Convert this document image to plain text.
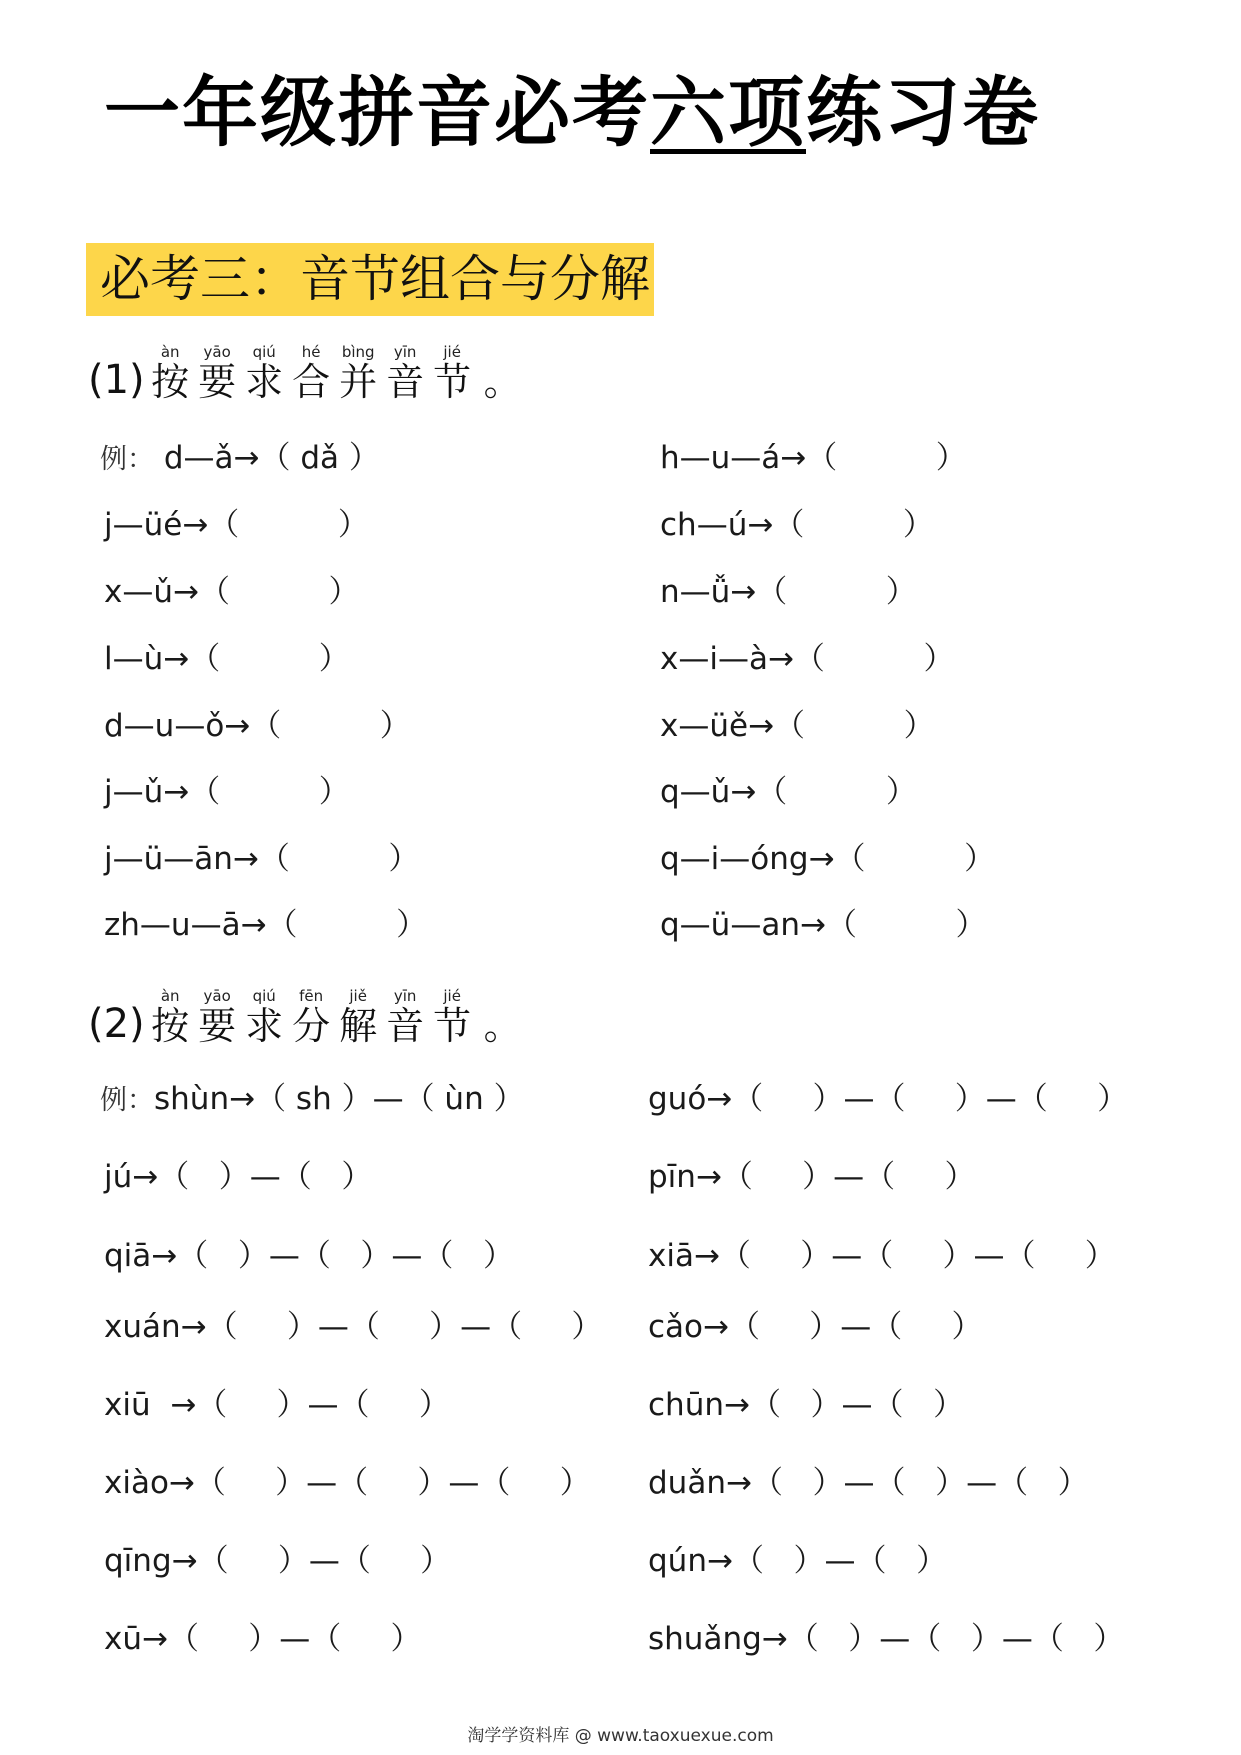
一年级拼音必考六项练习卷
必考三：音节组合与分解
(1)
àn
按
yāo
要
qiú
求
hé
合
bìng
并
yīn
音
jié
节 。
例： d—ǎ→（ dǎ ）
j—üé→（          ）
x—ǔ→（          ）
l—ù→（          ）
d—u—ǒ→（          ）
j—ǔ→（          ）
j—ü—ān→（          ）
zh—u—ā→（          ）
h—u—á→（          ）
ch—ú→（          ）
n—ǚ→（          ）
x—i—à→（          ）
x—üě→（          ）
q—ǔ→（          ）
q—i—óng→（          ）
q—ü—an→（          ）
(2)
àn
按
yāo
要
qiú
求
fēn
分
jiě
解
yīn
音
jié
节 。
例：shùn→（ sh ）—（ ùn ）
jú→（   ）—（   ）
qiā→（   ）—（   ）—（   ）
xuán→（     ）—（     ）—（     ）
xiū  →（     ）—（     ）
xiào→（     ）—（     ）—（     ）
qīng→（     ）—（     ）
xū→（     ）—（     ）
guó→（     ）—（     ）—（     ）
pīn→（     ）—（     ）
xiā→（     ）—（     ）—（     ）
cǎo→（     ）—（     ）
chūn→（   ）—（   ）
duǎn→（   ）—（   ）—（   ）
qún→（   ）—（   ）
shuǎng→（   ）—（   ）—（   ）
淘学学资料库 @ www.taoxuexue.com
